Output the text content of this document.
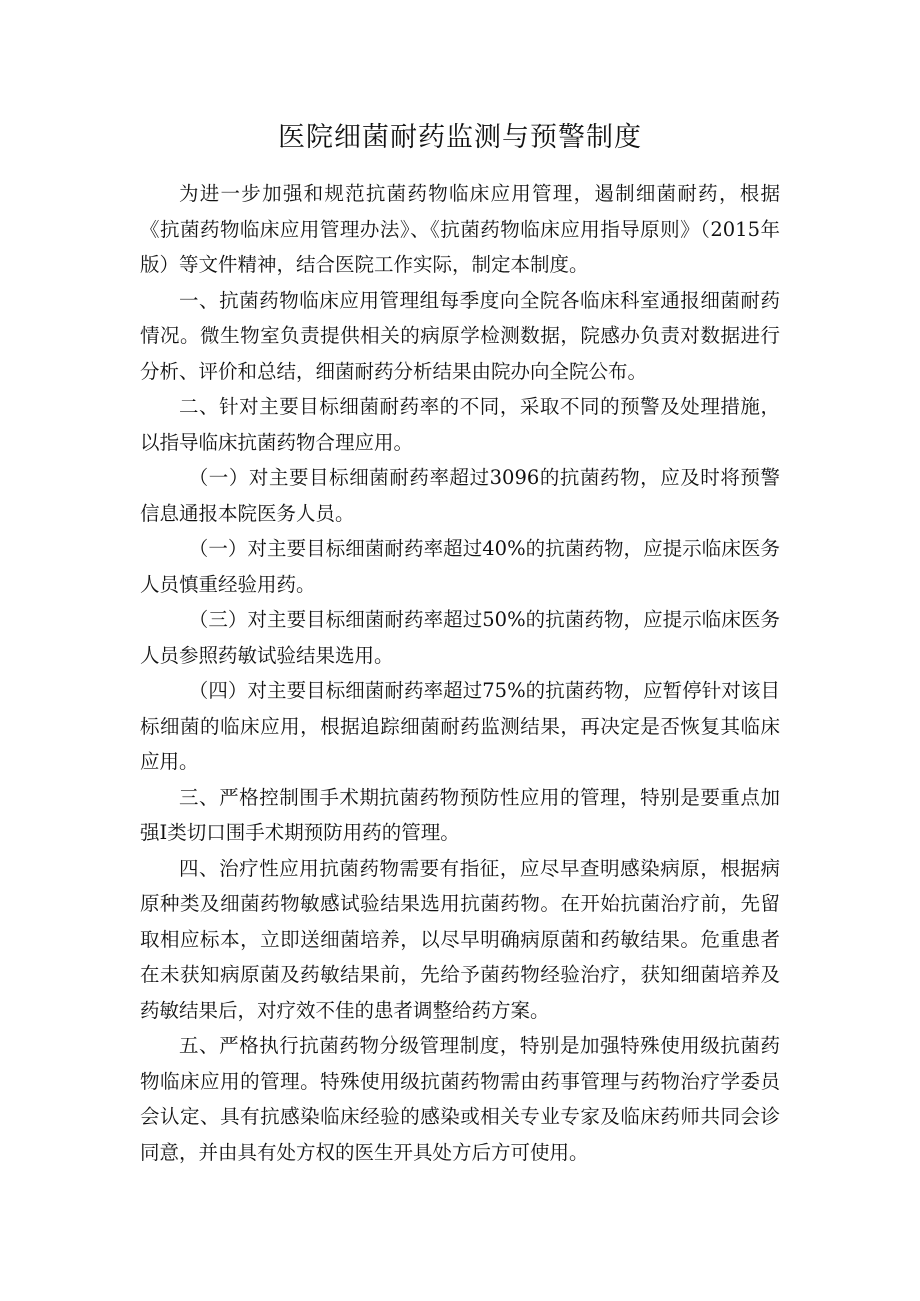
医院细菌耐药监测与预警制度

为进一步加强和规范抗菌药物临床应用管理，遏制细菌耐药，根据《抗菌药物临床应用管理办法》、《抗菌药物临床应用指导原则》（2015年版）等文件精神，结合医院工作实际，制定本制度。

一、抗菌药物临床应用管理组每季度向全院各临床科室通报细菌耐药情况。微生物室负责提供相关的病原学检测数据，院感办负责对数据进行分析、评价和总结，细菌耐药分析结果由院办向全院公布。

二、针对主要目标细菌耐药率的不同，采取不同的预警及处理措施，以指导临床抗菌药物合理应用。

（一）对主要目标细菌耐药率超过3096的抗菌药物，应及时将预警信息通报本院医务人员。

（一）对主要目标细菌耐药率超过40%的抗菌药物，应提示临床医务人员慎重经验用药。

（三）对主要目标细菌耐药率超过50%的抗菌药物，应提示临床医务人员参照药敏试验结果选用。

（四）对主要目标细菌耐药率超过75%的抗菌药物，应暂停针对该目标细菌的临床应用，根据追踪细菌耐药监测结果，再决定是否恢复其临床应用。

三、严格控制围手术期抗菌药物预防性应用的管理，特别是要重点加强I类切口围手术期预防用药的管理。

四、治疗性应用抗菌药物需要有指征，应尽早查明感染病原，根据病原种类及细菌药物敏感试验结果选用抗菌药物。在开始抗菌治疗前，先留取相应标本，立即送细菌培养，以尽早明确病原菌和药敏结果。危重患者在未获知病原菌及药敏结果前，先给予菌药物经验治疗，获知细菌培养及药敏结果后，对疗效不佳的患者调整给药方案。

五、严格执行抗菌药物分级管理制度，特别是加强特殊使用级抗菌药物临床应用的管理。特殊使用级抗菌药物需由药事管理与药物治疗学委员会认定、具有抗感染临床经验的感染或相关专业专家及临床药师共同会诊同意，并由具有处方权的医生开具处方后方可使用。
